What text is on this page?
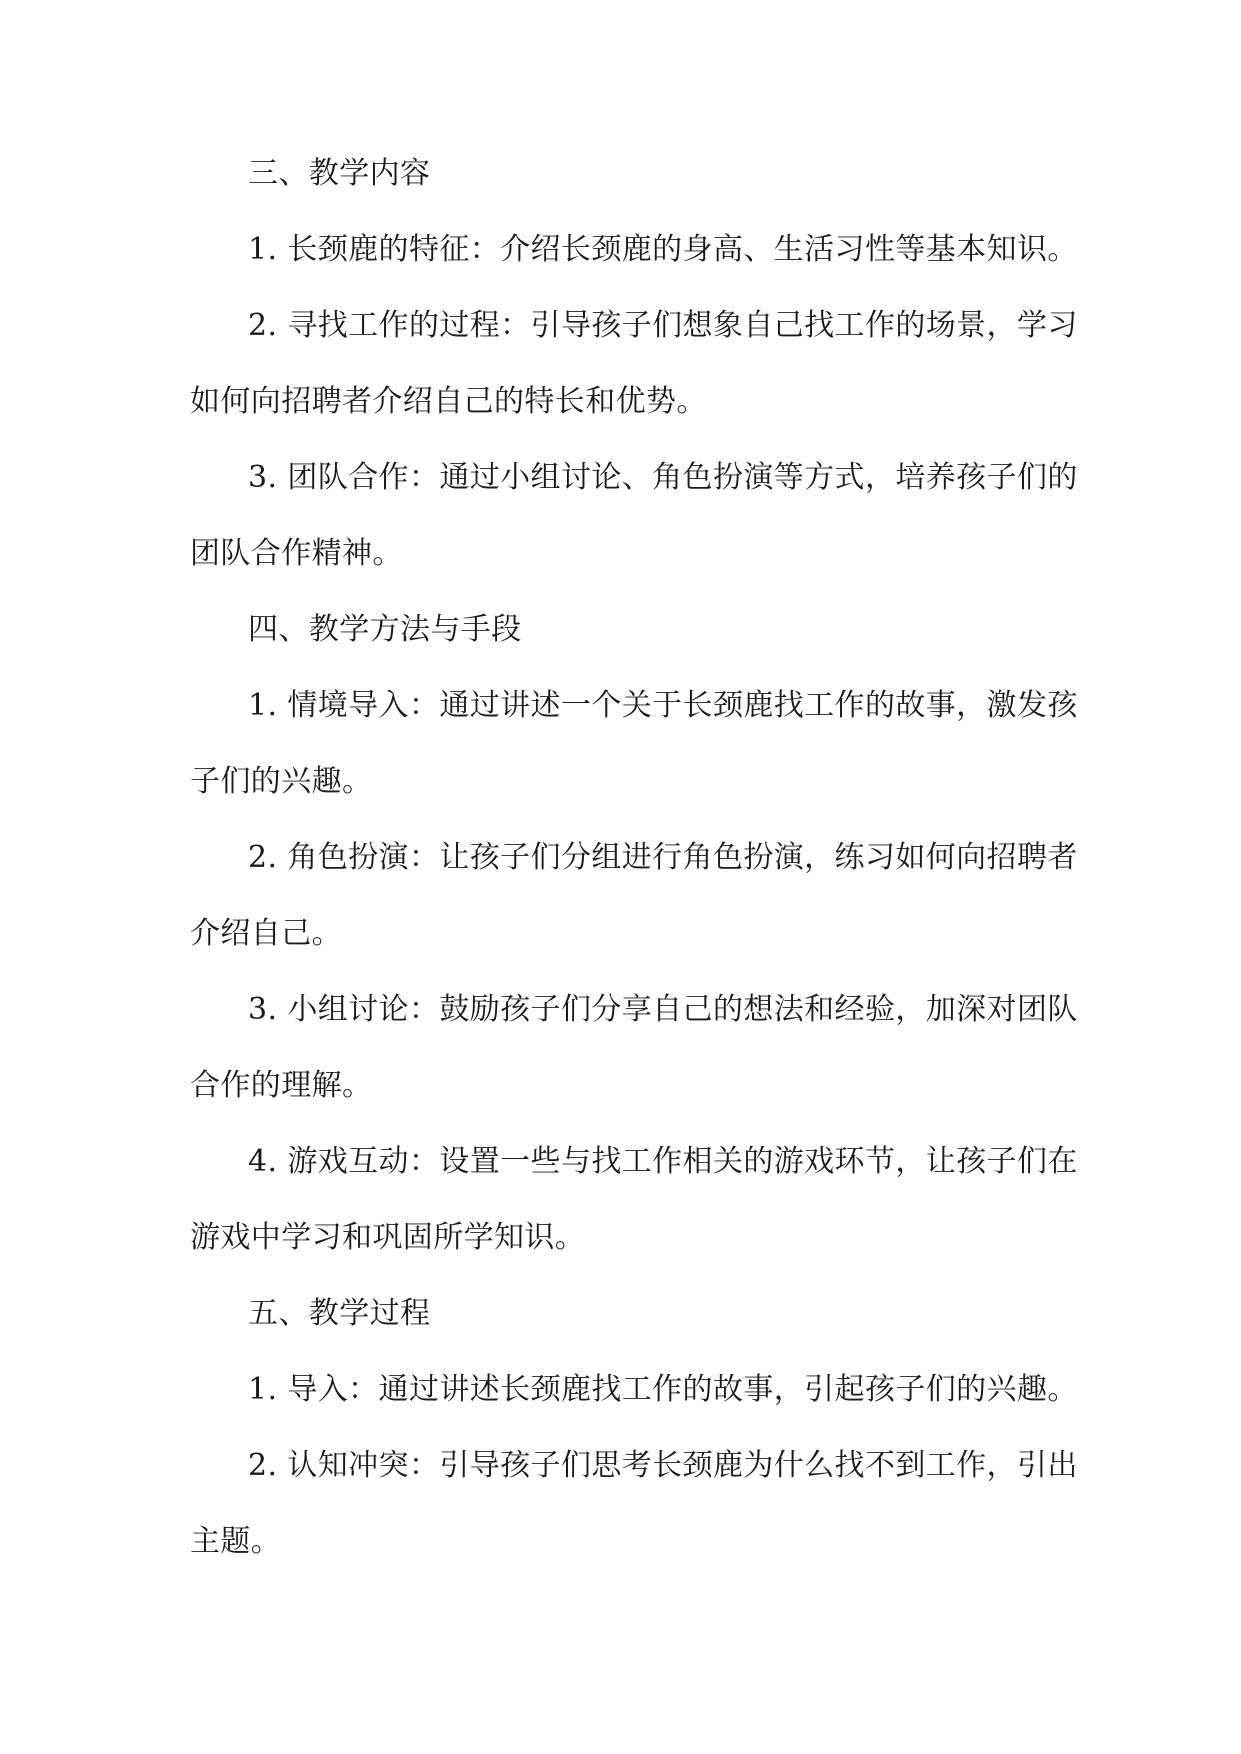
三、教学内容
1. 长颈鹿的特征：介绍长颈鹿的身高、生活习性等基本知识。
2. 寻找工作的过程：引导孩子们想象自己找工作的场景，学习
如何向招聘者介绍自己的特长和优势。
3. 团队合作：通过小组讨论、角色扮演等方式，培养孩子们的
团队合作精神。
四、教学方法与手段
1. 情境导入：通过讲述一个关于长颈鹿找工作的故事，激发孩
子们的兴趣。
2. 角色扮演：让孩子们分组进行角色扮演，练习如何向招聘者
介绍自己。
3. 小组讨论：鼓励孩子们分享自己的想法和经验，加深对团队
合作的理解。
4. 游戏互动：设置一些与找工作相关的游戏环节，让孩子们在
游戏中学习和巩固所学知识。
五、教学过程
1. 导入：通过讲述长颈鹿找工作的故事，引起孩子们的兴趣。
2. 认知冲突：引导孩子们思考长颈鹿为什么找不到工作，引出
主题。
